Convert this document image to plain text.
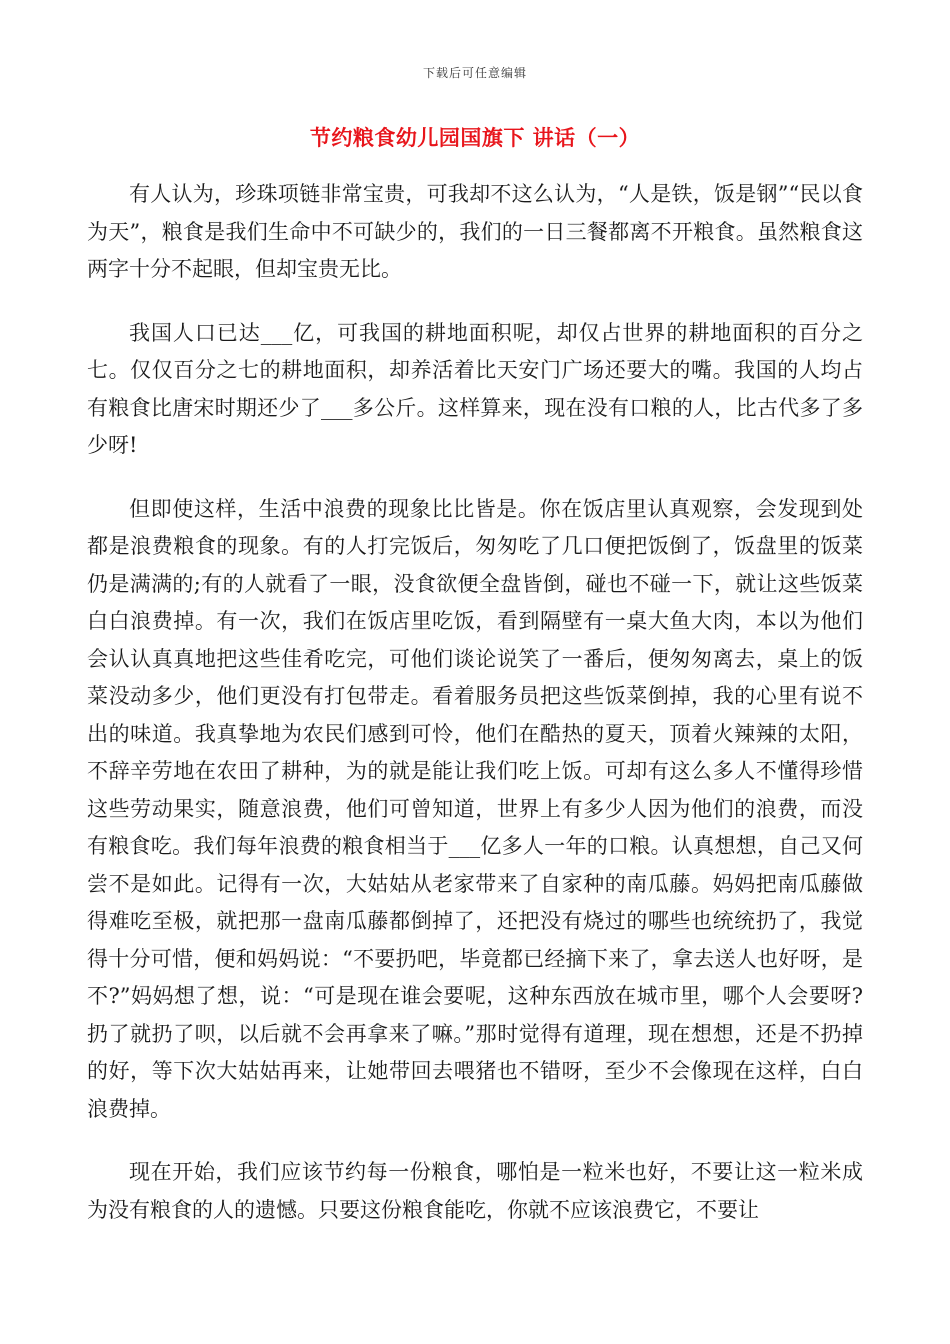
下载后可任意编辑
节约粮食幼儿园国旗下 讲话（一）

有人认为，珍珠项链非常宝贵，可我却不这么认为，“人是铁，饭是钢”“民以食为天”，粮食是我们生命中不可缺少的，我们的一日三餐都离不开粮食。虽然粮食这两字十分不起眼，但却宝贵无比。

我国人口已达___亿，可我国的耕地面积呢，却仅占世界的耕地面积的百分之七。仅仅百分之七的耕地面积，却养活着比天安门广场还要大的嘴。我国的人均占有粮食比唐宋时期还少了___多公斤。这样算来，现在没有口粮的人，比古代多了多少呀!

但即使这样，生活中浪费的现象比比皆是。你在饭店里认真观察，会发现到处都是浪费粮食的现象。有的人打完饭后，匆匆吃了几口便把饭倒了，饭盘里的饭菜仍是满满的;有的人就看了一眼，没食欲便全盘皆倒，碰也不碰一下，就让这些饭菜白白浪费掉。有一次，我们在饭店里吃饭，看到隔壁有一桌大鱼大肉，本以为他们会认认真真地把这些佳肴吃完，可他们谈论说笑了一番后，便匆匆离去，桌上的饭菜没动多少，他们更没有打包带走。看着服务员把这些饭菜倒掉，我的心里有说不出的味道。我真挚地为农民们感到可怜，他们在酷热的夏天，顶着火辣辣的太阳，不辞辛劳地在农田了耕种，为的就是能让我们吃上饭。可却有这么多人不懂得珍惜这些劳动果实，随意浪费，他们可曾知道，世界上有多少人因为他们的浪费，而没有粮食吃。我们每年浪费的粮食相当于___亿多人一年的口粮。认真想想，自己又何尝不是如此。记得有一次，大姑姑从老家带来了自家种的南瓜藤。妈妈把南瓜藤做得难吃至极，就把那一盘南瓜藤都倒掉了，还把没有烧过的哪些也统统扔了，我觉得十分可惜，便和妈妈说：“不要扔吧，毕竟都已经摘下来了，拿去送人也好呀，是不?”妈妈想了想，说：“可是现在谁会要呢，这种东西放在城市里，哪个人会要呀?扔了就扔了呗，以后就不会再拿来了嘛。”那时觉得有道理，现在想想，还是不扔掉的好，等下次大姑姑再来，让她带回去喂猪也不错呀，至少不会像现在这样，白白浪费掉。

现在开始，我们应该节约每一份粮食，哪怕是一粒米也好，不要让这一粒米成为没有粮食的人的遗憾。只要这份粮食能吃，你就不应该浪费它，不要让
